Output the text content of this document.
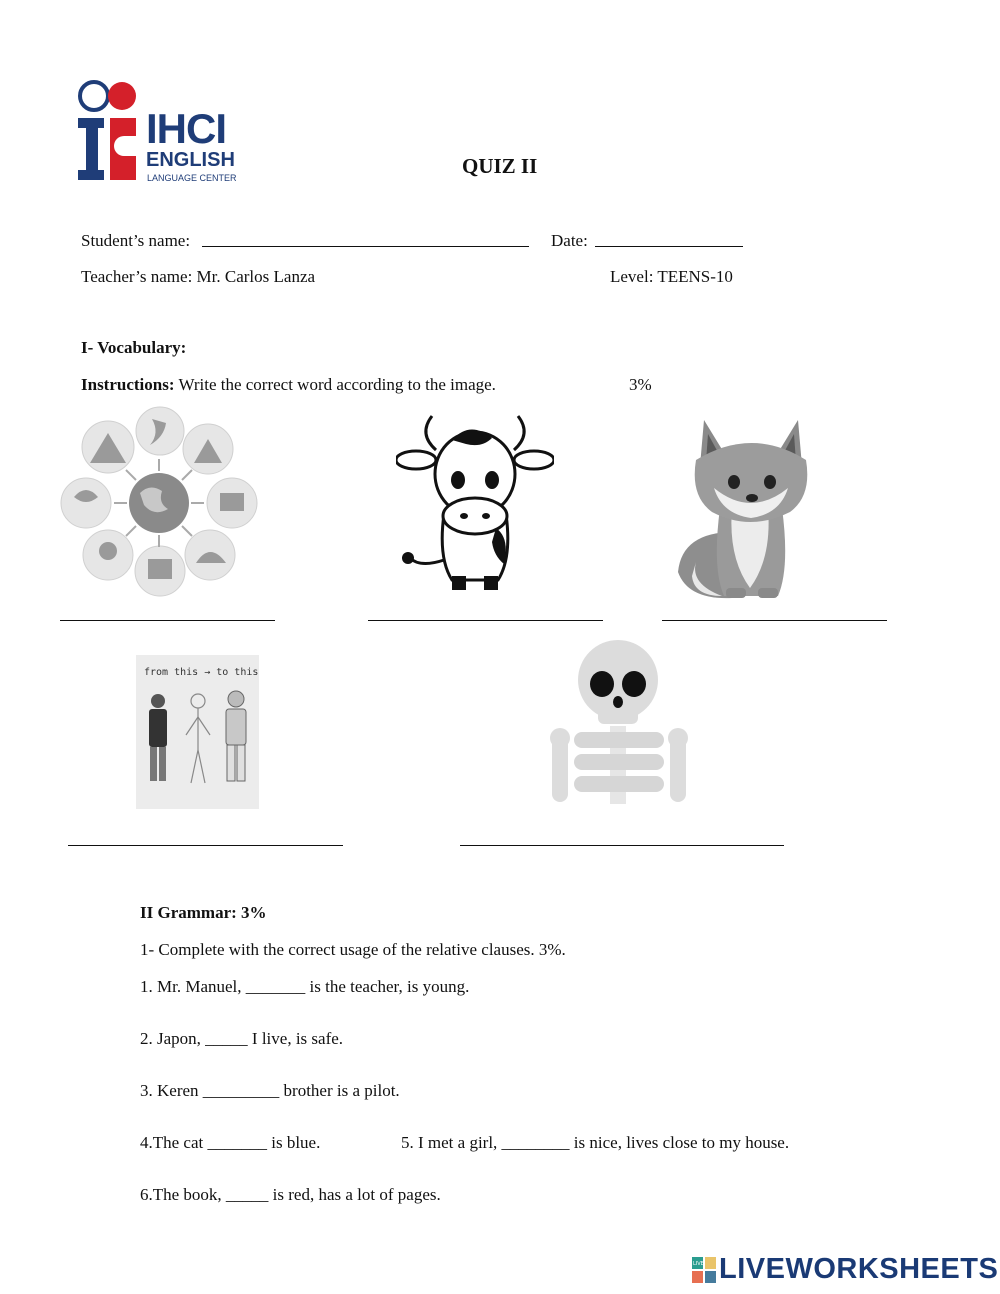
IHCI
ENGLISH
LANGUAGE CENTER	QUIZ II
Student’s name:	Date:
Teacher’s name: Mr. Carlos Lanza	Level: TEENS-10
I- Vocabulary:
Instructions: Write the correct word according to the image.	3%
from this → to this
II Grammar: 3%
1- Complete with the correct usage of the relative clauses. 3%.
1. Mr. Manuel, _______ is the teacher, is young.
2. Japon, _____ I live, is safe.
3. Keren _________ brother is a pilot.
4.The cat _______ is blue.	5. I met a girl, ________ is nice, lives close to my house.
6.The book, _____ is red, has a lot of pages.
LIVE LIVEWORKSHEETS
